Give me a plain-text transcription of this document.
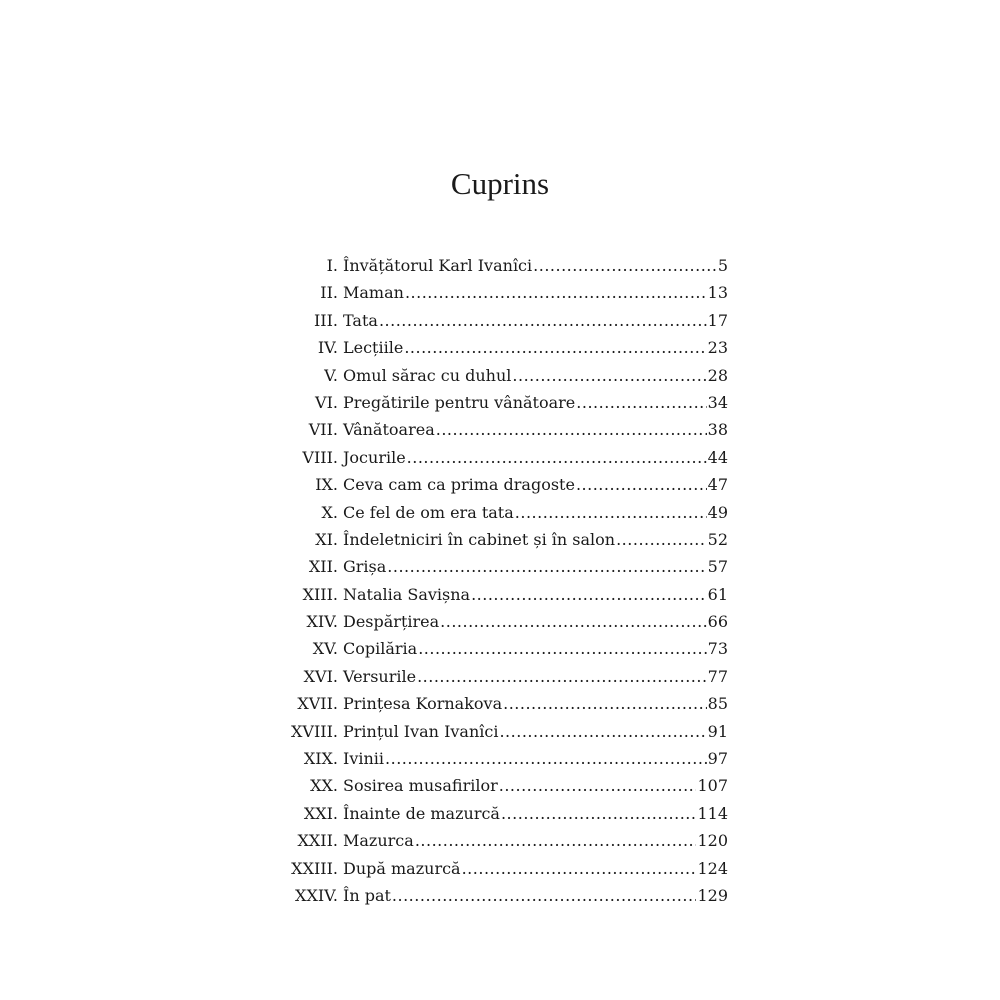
Cuprins
I. Învățătorul Karl Ivanîci .....	5
II. Maman .....	13
III. Tata .....	17
IV. Lecțiile .....	23
V. Omul sărac cu duhul .....	28
VI. Pregătirile pentru vânătoare .....	34
VII. Vânătoarea .....	38
VIII. Jocurile .....	44
IX. Ceva cam ca prima dragoste .....	47
X. Ce fel de om era tata .....	49
XI. Îndeletniciri în cabinet și în salon .....	52
XII. Grișa .....	57
XIII. Natalia Savișna .....	61
XIV. Despărțirea .....	66
XV. Copilăria .....	73
XVI. Versurile .....	77
XVII. Prințesa Kornakova .....	85
XVIII. Prințul Ivan Ivanîci .....	91
XIX. Ivinii .....	97
XX. Sosirea musafirilor .....	107
XXI. Înainte de mazurcă .....	114
XXII. Mazurca .....	120
XXIII. După mazurcă .....	124
XXIV. În pat .....	129
